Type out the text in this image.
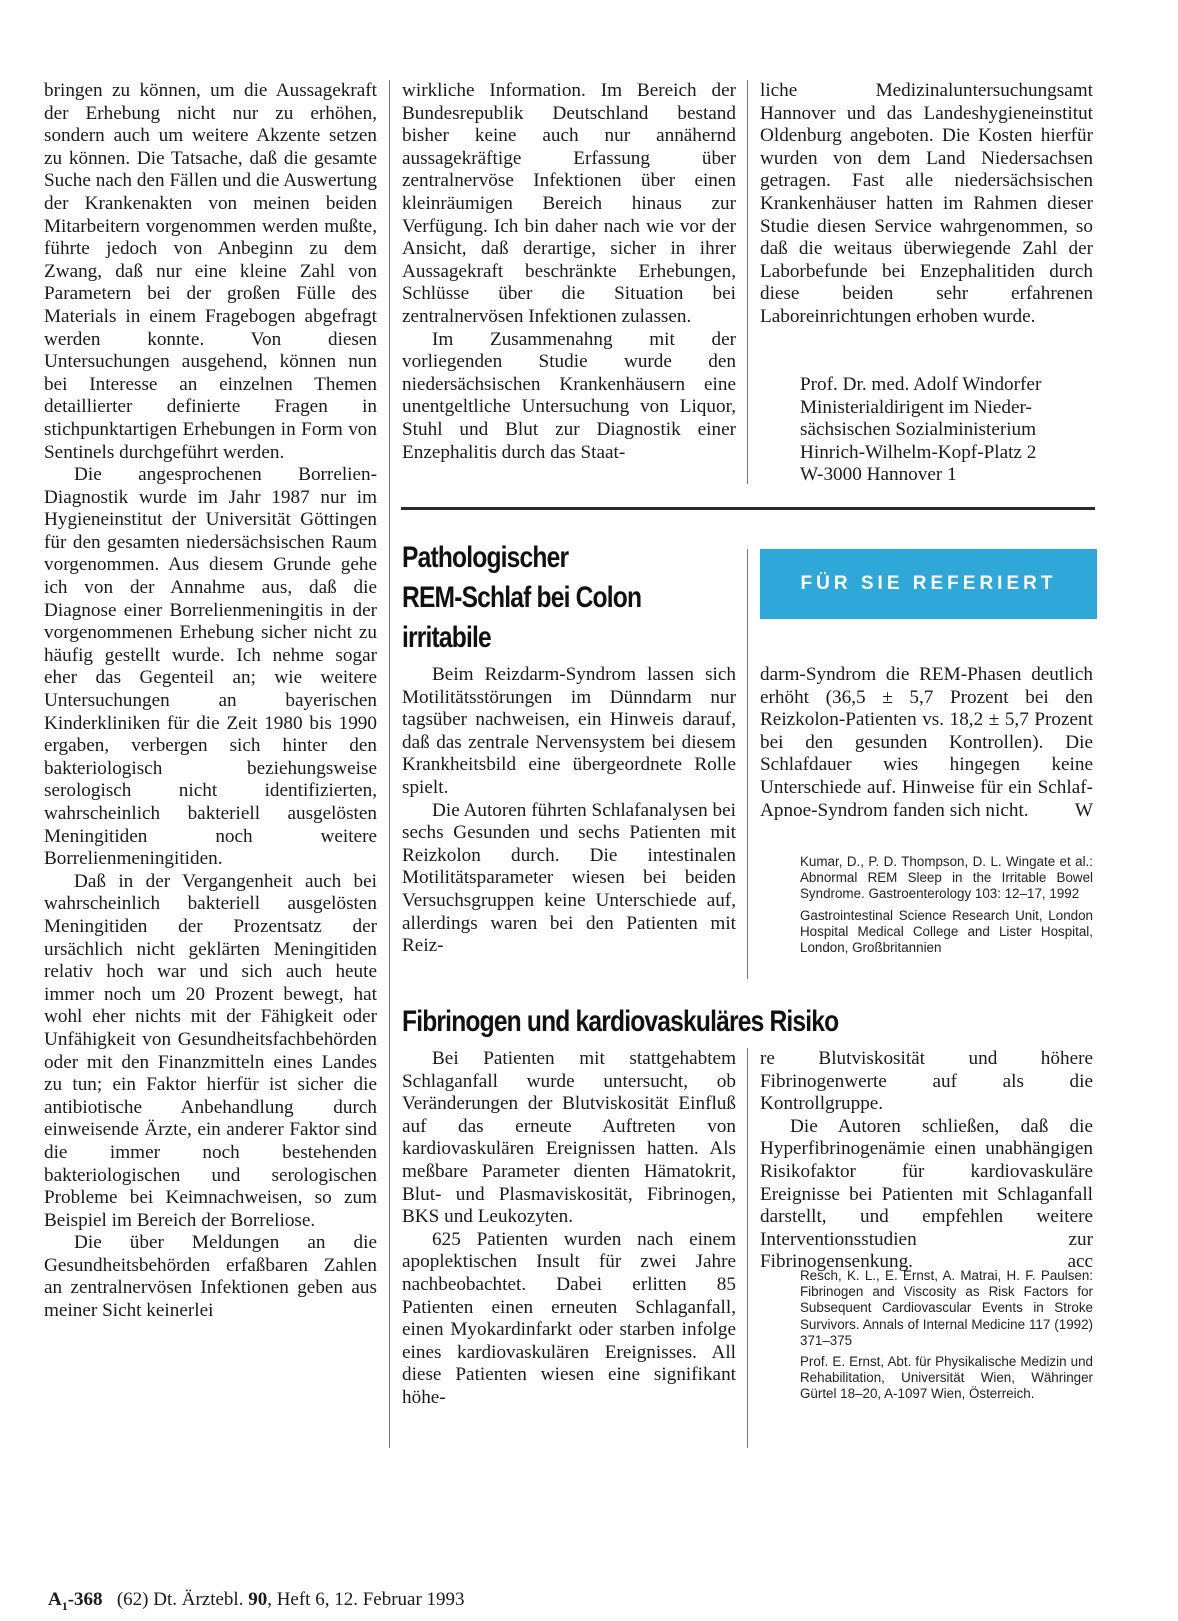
bringen zu können, um die Aussagekraft der Erhebung nicht nur zu erhöhen, sondern auch um weitere Akzente setzen zu können. Die Tatsache, daß die gesamte Suche nach den Fällen und die Auswertung der Krankenakten von meinen beiden Mitarbeitern vorgenommen werden mußte, führte jedoch von Anbeginn zu dem Zwang, daß nur eine kleine Zahl von Parametern bei der großen Fülle des Materials in einem Fragebogen abgefragt werden konnte. Von diesen Untersuchungen ausgehend, können nun bei Interesse an einzelnen Themen detaillierter definierte Fragen in stichpunktartigen Erhebungen in Form von Sentinels durchgeführt werden.

Die angesprochenen Borrelien-Diagnostik wurde im Jahr 1987 nur im Hygieneinstitut der Universität Göttingen für den gesamten niedersächsischen Raum vorgenommen. Aus diesem Grunde gehe ich von der Annahme aus, daß die Diagnose einer Borrelienmeningitis in der vorgenommenen Erhebung sicher nicht zu häufig gestellt wurde. Ich nehme sogar eher das Gegenteil an; wie weitere Untersuchungen an bayerischen Kinderkliniken für die Zeit 1980 bis 1990 ergaben, verbergen sich hinter den bakteriologisch beziehungsweise serologisch nicht identifizierten, wahrscheinlich bakteriell ausgelösten Meningitiden noch weitere Borrelienmeningitiden.

Daß in der Vergangenheit auch bei wahrscheinlich bakteriell ausgelösten Meningitiden der Prozentsatz der ursächlich nicht geklärten Meningitiden relativ hoch war und sich auch heute immer noch um 20 Prozent bewegt, hat wohl eher nichts mit der Fähigkeit oder Unfähigkeit von Gesundheitsfachbehörden oder mit den Finanzmitteln eines Landes zu tun; ein Faktor hierfür ist sicher die antibiotische Anbehandlung durch einweisende Ärzte, ein anderer Faktor sind die immer noch bestehenden bakteriologischen und serologischen Probleme bei Keimnachweisen, so zum Beispiel im Bereich der Borreliose.

Die über Meldungen an die Gesundheitsbehörden erfaßbaren Zahlen an zentralnervösen Infektionen geben aus meiner Sicht keinerlei

wirkliche Information. Im Bereich der Bundesrepublik Deutschland bestand bisher keine auch nur annähernd aussagekräftige Erfassung über zentralnervöse Infektionen über einen kleinräumigen Bereich hinaus zur Verfügung. Ich bin daher nach wie vor der Ansicht, daß derartige, sicher in ihrer Aussagekraft beschränkte Erhebungen, Schlüsse über die Situation bei zentralnervösen Infektionen zulassen.

Im Zusammenahng mit der vorliegenden Studie wurde den niedersächsischen Krankenhäusern eine unentgeltliche Untersuchung von Liquor, Stuhl und Blut zur Diagnostik einer Enzephalitis durch das Staat-

liche Medizinaluntersuchungsamt Hannover und das Landeshygieneinstitut Oldenburg angeboten. Die Kosten hierfür wurden von dem Land Niedersachsen getragen. Fast alle niedersächsischen Krankenhäuser hatten im Rahmen dieser Studie diesen Service wahrgenommen, so daß die weitaus überwiegende Zahl der Laborbefunde bei Enzephalitiden durch diese beiden sehr erfahrenen Laboreinrichtungen erhoben wurde.

Prof. Dr. med. Adolf Windorfer
Ministerialdirigent im Nieder-
sächsischen Sozialministerium
Hinrich-Wilhelm-Kopf-Platz 2
W-3000 Hannover 1
Pathologischer
REM-Schlaf bei Colon
irritabile
FÜR SIE REFERIERT

Beim Reizdarm-Syndrom lassen sich Motilitätsstörungen im Dünndarm nur tagsüber nachweisen, ein Hinweis darauf, daß das zentrale Nervensystem bei diesem Krankheitsbild eine übergeordnete Rolle spielt.

Die Autoren führten Schlafanalysen bei sechs Gesunden und sechs Patienten mit Reizkolon durch. Die intestinalen Motilitätsparameter wiesen bei beiden Versuchsgruppen keine Unterschiede auf, allerdings waren bei den Patienten mit Reiz-

darm-Syndrom die REM-Phasen deutlich erhöht (36,5 ± 5,7 Prozent bei den Reizkolon-Patienten vs. 18,2 ± 5,7 Prozent bei den gesunden Kontrollen). Die Schlafdauer wies hingegen keine Unterschiede auf. Hinweise für ein Schlaf-Apnoe-Syndrom fanden sich nicht. W

Kumar, D., P. D. Thompson, D. L. Wingate et al.: Abnormal REM Sleep in the Irritable Bowel Syndrome. Gastroenterology 103: 12–17, 1992

Gastrointestinal Science Research Unit, London Hospital Medical College and Lister Hospital, London, Großbritannien

Fibrinogen und kardiovaskuläres Risiko

Bei Patienten mit stattgehabtem Schlaganfall wurde untersucht, ob Veränderungen der Blutviskosität Einfluß auf das erneute Auftreten von kardiovaskulären Ereignissen hatten. Als meßbare Parameter dienten Hämatokrit, Blut- und Plasmaviskosität, Fibrinogen, BKS und Leukozyten.

625 Patienten wurden nach einem apoplektischen Insult für zwei Jahre nachbeobachtet. Dabei erlitten 85 Patienten einen erneuten Schlaganfall, einen Myokardinfarkt oder starben infolge eines kardiovaskulären Ereignisses. All diese Patienten wiesen eine signifikant höhe-

re Blutviskosität und höhere Fibrinogenwerte auf als die Kontrollgruppe.

Die Autoren schließen, daß die Hyperfibrinogenämie einen unabhängigen Risikofaktor für kardiovaskuläre Ereignisse bei Patienten mit Schlaganfall darstellt, und empfehlen weitere Interventionsstudien zur Fibrinogensenkung.	acc

Resch, K. L., E. Ernst, A. Matrai, H. F. Paulsen: Fibrinogen and Viscosity as Risk Factors for Subsequent Cardiovascular Events in Stroke Survivors. Annals of Internal Medicine 117 (1992) 371–375

Prof. E. Ernst, Abt. für Physikalische Medizin und Rehabilitation, Universität Wien, Währinger Gürtel 18–20, A-1097 Wien, Österreich.

$A_1-368$ (62) Dt. Ärztebl. 90, Heft 6, 12. Februar 1993
